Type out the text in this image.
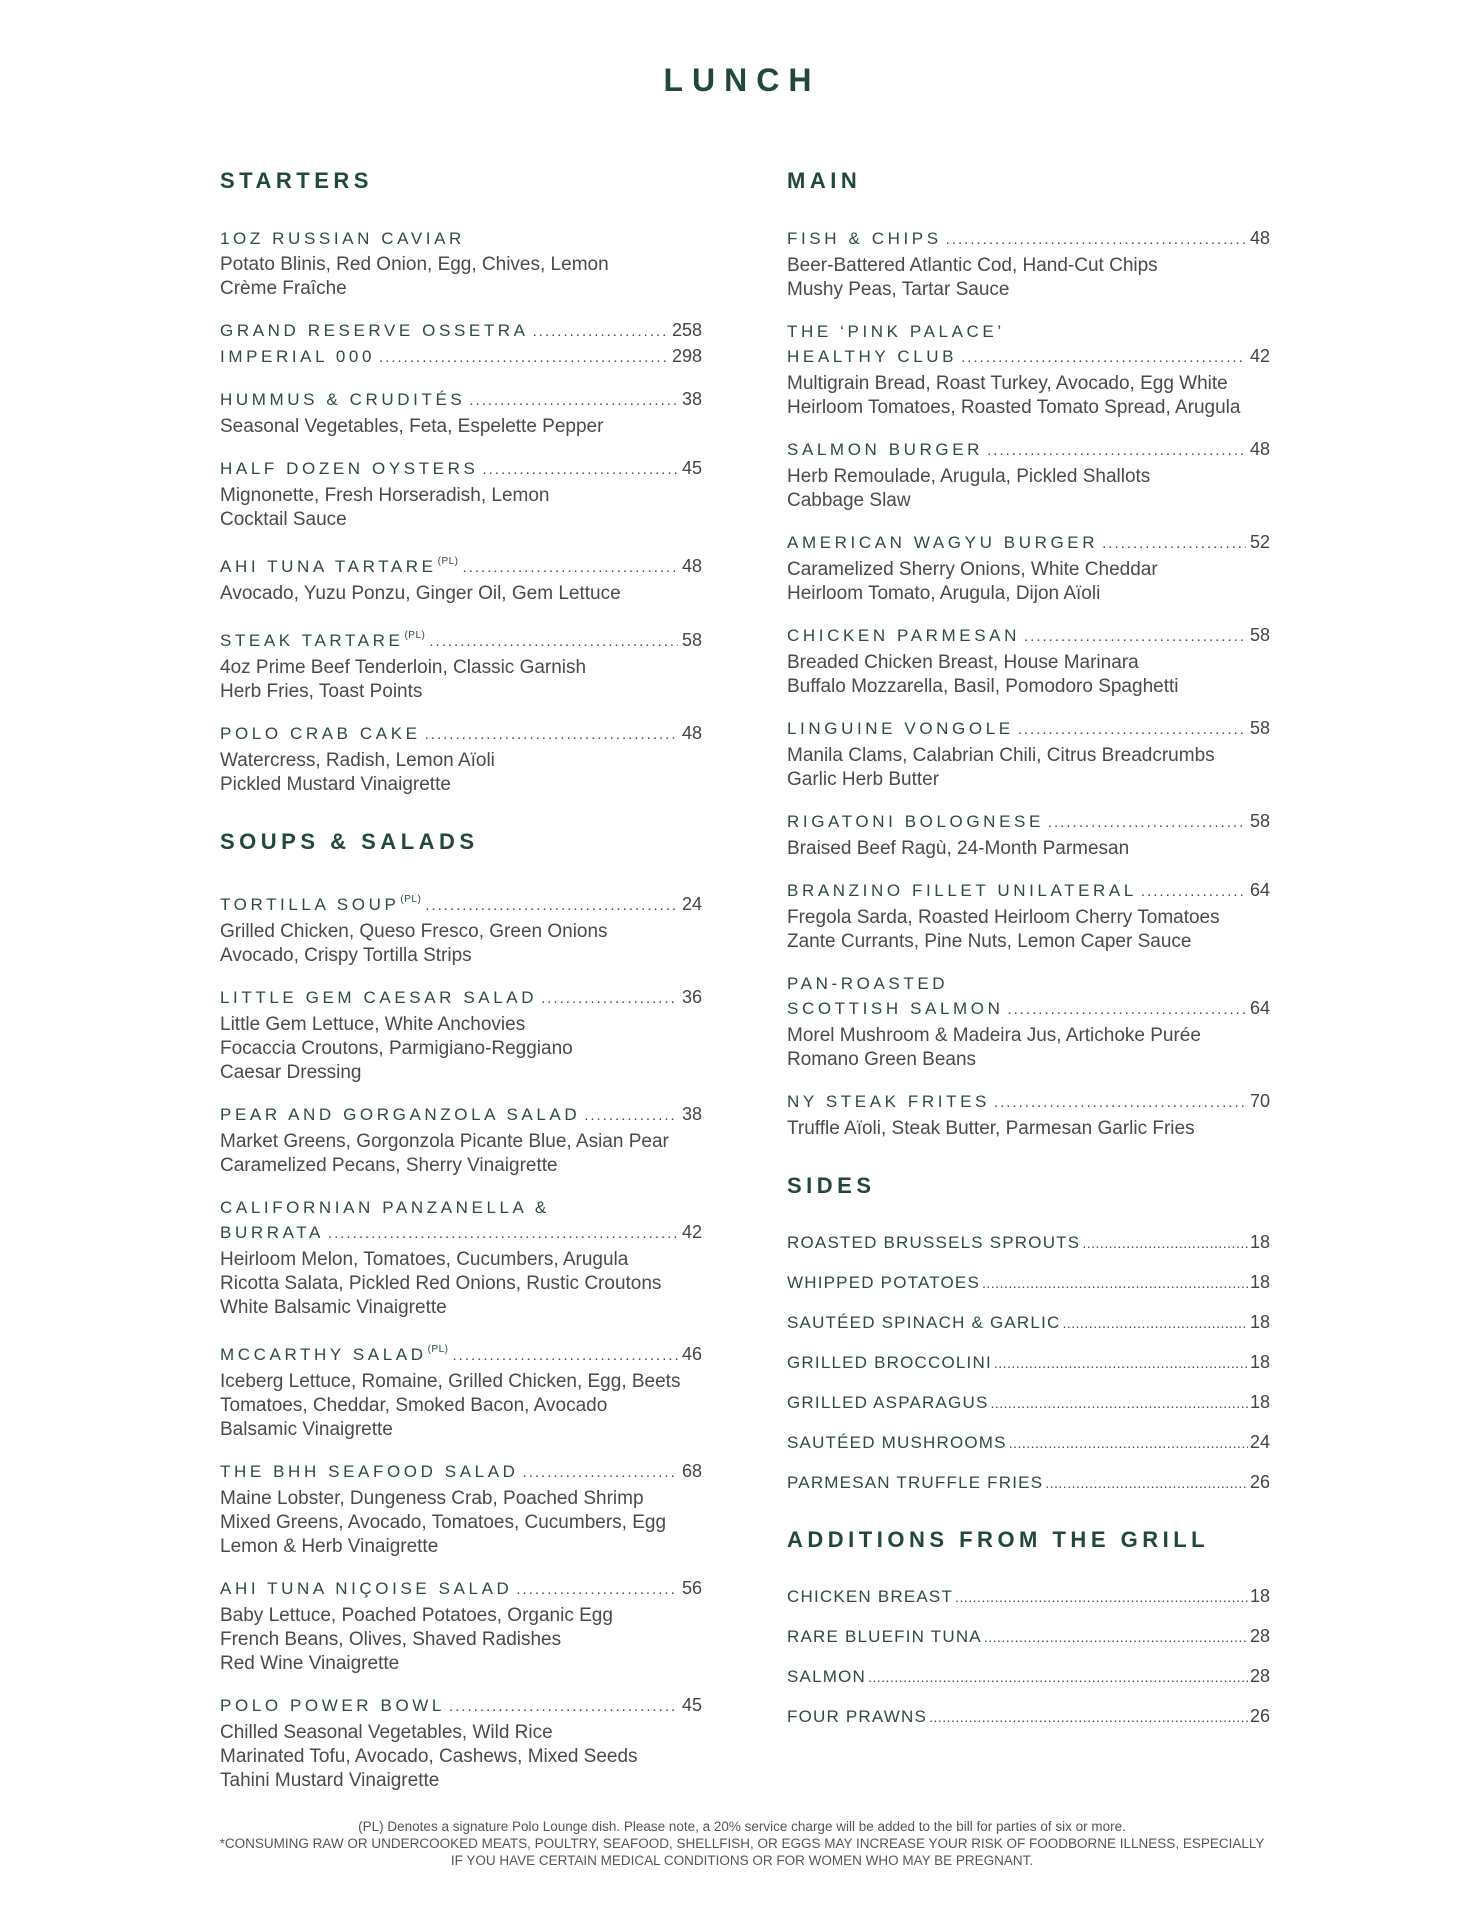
LUNCH
STARTERS
1OZ RUSSIAN CAVIAR
Potato Blinis, Red Onion, Egg, Chives, Lemon
Crème Fraîche
GRAND RESERVE OSSETRA .....	258
IMPERIAL 000 .....	298
HUMMUS & CRUDITÉS .....	38
Seasonal Vegetables, Feta, Espelette Pepper
HALF DOZEN OYSTERS .....	45
Mignonette, Fresh Horseradish, Lemon
Cocktail Sauce
AHI TUNA $TARTARE^{(PL)}$ .....	48
Avocado, Yuzu Ponzu, Ginger Oil, Gem Lettuce
STEAK $TARTARE^{(PL)}$ .....	58
4oz Prime Beef Tenderloin, Classic Garnish
Herb Fries, Toast Points
POLO CRAB CAKE .....	48
Watercress, Radish, Lemon Aïoli
Pickled Mustard Vinaigrette
SOUPS & SALADS
TORTILLA $SOUP^{(PL)}$ .....	24
Grilled Chicken, Queso Fresco, Green Onions
Avocado, Crispy Tortilla Strips
LITTLE GEM CAESAR SALAD .....	36
Little Gem Lettuce, White Anchovies
Focaccia Croutons, Parmigiano-Reggiano
Caesar Dressing
PEAR AND GORGANZOLA SALAD .....	38
Market Greens, Gorgonzola Picante Blue, Asian Pear
Caramelized Pecans, Sherry Vinaigrette
CALIFORNIAN PANZANELLA &
BURRATA .....	42
Heirloom Melon, Tomatoes, Cucumbers, Arugula
Ricotta Salata, Pickled Red Onions, Rustic Croutons
White Balsamic Vinaigrette
MCCARTHY $SALAD^{(PL)}$ .....	46
Iceberg Lettuce, Romaine, Grilled Chicken, Egg, Beets
Tomatoes, Cheddar, Smoked Bacon, Avocado
Balsamic Vinaigrette
THE BHH SEAFOOD SALAD .....	68
Maine Lobster, Dungeness Crab, Poached Shrimp
Mixed Greens, Avocado, Tomatoes, Cucumbers, Egg
Lemon & Herb Vinaigrette
AHI TUNA NIÇOISE SALAD .....	56
Baby Lettuce, Poached Potatoes, Organic Egg
French Beans, Olives, Shaved Radishes
Red Wine Vinaigrette
POLO POWER BOWL .....	45
Chilled Seasonal Vegetables, Wild Rice
Marinated Tofu, Avocado, Cashews, Mixed Seeds
Tahini Mustard Vinaigrette
MAIN
FISH & CHIPS .....	48
Beer-Battered Atlantic Cod, Hand-Cut Chips
Mushy Peas, Tartar Sauce
THE ‘PINK PALACE’
HEALTHY CLUB .....	42
Multigrain Bread, Roast Turkey, Avocado, Egg White
Heirloom Tomatoes, Roasted Tomato Spread, Arugula
SALMON BURGER .....	48
Herb Remoulade, Arugula, Pickled Shallots
Cabbage Slaw
AMERICAN WAGYU BURGER .....	52
Caramelized Sherry Onions, White Cheddar
Heirloom Tomato, Arugula, Dijon Aïoli
CHICKEN PARMESAN .....	58
Breaded Chicken Breast, House Marinara
Buffalo Mozzarella, Basil, Pomodoro Spaghetti
LINGUINE VONGOLE .....	58
Manila Clams, Calabrian Chili, Citrus Breadcrumbs
Garlic Herb Butter
RIGATONI BOLOGNESE .....	58
Braised Beef Ragù, 24-Month Parmesan
BRANZINO FILLET UNILATERAL .....	64
Fregola Sarda, Roasted Heirloom Cherry Tomatoes
Zante Currants, Pine Nuts, Lemon Caper Sauce
PAN-ROASTED
SCOTTISH SALMON .....	64
Morel Mushroom & Madeira Jus, Artichoke Purée
Romano Green Beans
NY STEAK FRITES .....	70
Truffle Aïoli, Steak Butter, Parmesan Garlic Fries
SIDES
ROASTED BRUSSELS SPROUTS .....	18
WHIPPED POTATOES .....	18
SAUTÉED SPINACH & GARLIC .....	18
GRILLED BROCCOLINI .....	18
GRILLED ASPARAGUS .....	18
SAUTÉED MUSHROOMS .....	24
PARMESAN TRUFFLE FRIES .....	26
ADDITIONS FROM THE GRILL
CHICKEN BREAST .....	18
RARE BLUEFIN TUNA .....	28
SALMON .....	28
FOUR PRAWNS .....	26
(PL) Denotes a signature Polo Lounge dish. Please note, a 20% service charge will be added to the bill for parties of six or more.
*CONSUMING RAW OR UNDERCOOKED MEATS, POULTRY, SEAFOOD, SHELLFISH, OR EGGS MAY INCREASE YOUR RISK OF FOODBORNE ILLNESS, ESPECIALLY
IF YOU HAVE CERTAIN MEDICAL CONDITIONS OR FOR WOMEN WHO MAY BE PREGNANT.
